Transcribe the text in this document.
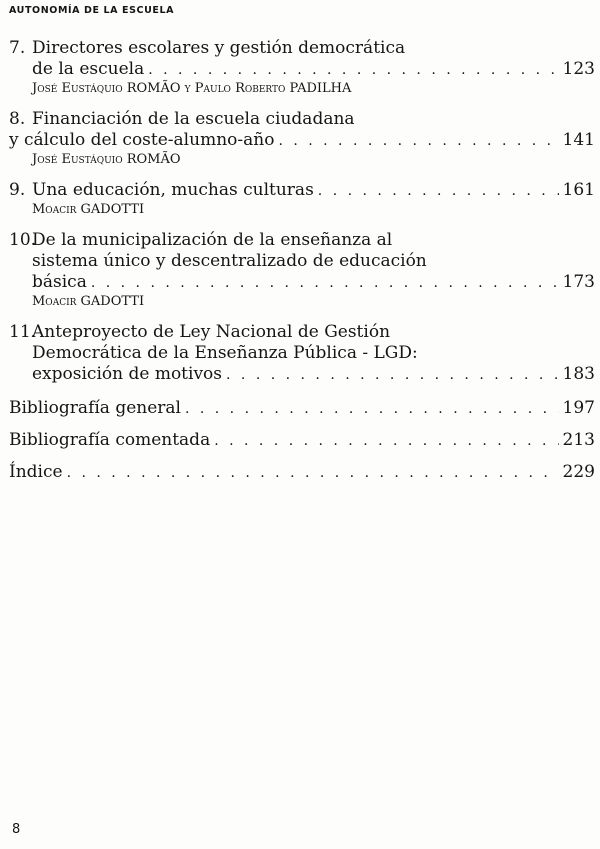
AUTONOMÍA DE LA ESCUELA
7. Directores escolares y gestión democrática
de la escuela . . .	123
José Eustáquio ROMÃO y Paulo Roberto PADILHA
8. Financiación de la escuela ciudadana
y cálculo del coste-alumno-año . . .	141
José Eustáquio ROMÃO
9. Una educación, muchas culturas . . .	161
Moacir GADOTTI
10.
De la municipalización de la enseñanza al
sistema único y descentralizado de educación
básica . . .	173
Moacir GADOTTI
11.
Anteproyecto de Ley Nacional de Gestión
Democrática de la Enseñanza Pública - LGD:
exposición de motivos . . .	183
Bibliografía general . . .	197
Bibliografía comentada . . .	213
Índice . . .	229
8
